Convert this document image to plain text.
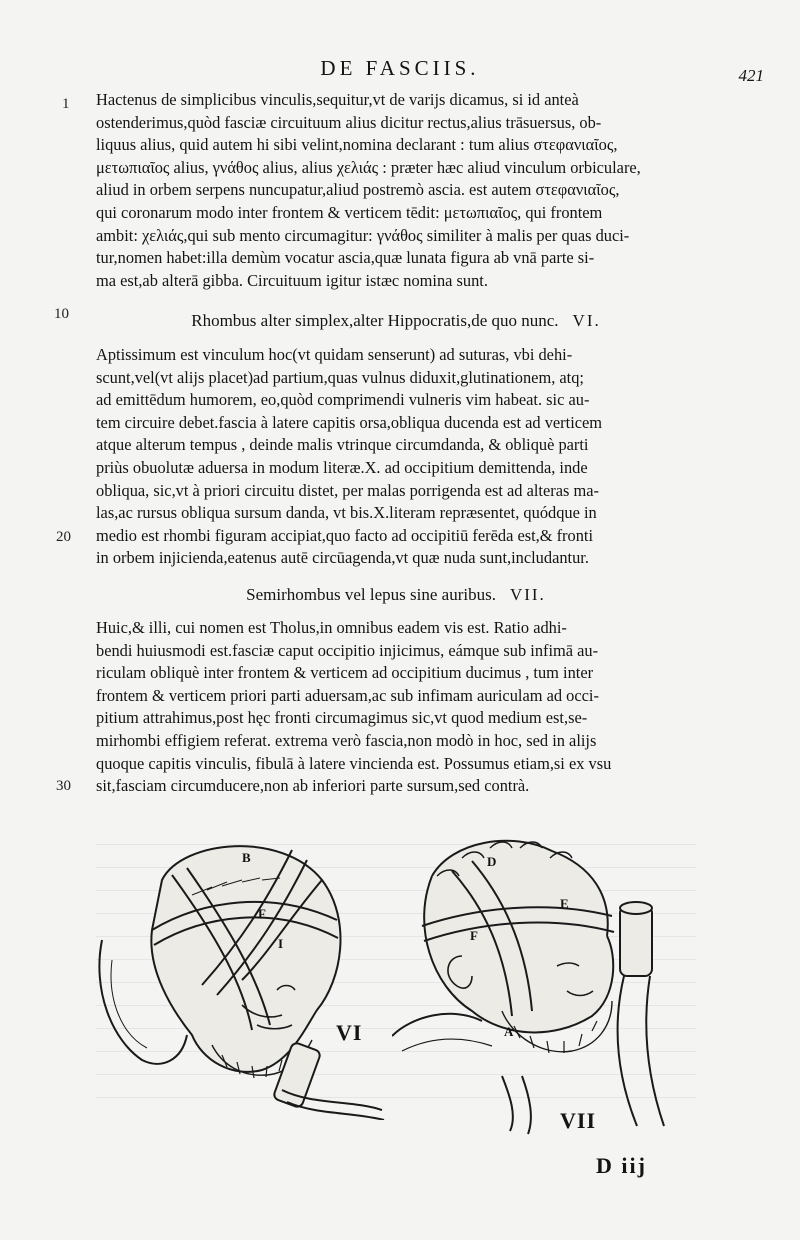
DE FASCIIS.	421
1
10
20
30

Hactenus de simplicibus vinculis,sequitur,vt de varijs dicamus, si id anteà
ostenderimus,quòd fasciæ circuituum alius dicitur rectus,alius trāsuersus, ob-
liquus alius, quid autem hi sibi velint,nomina declarant : tum alius στεφανιαῖος,
μετωπιαῖος alius, γνάθος alius, alius χελιάς : præter hæc aliud vinculum orbiculare,
aliud in orbem serpens nuncupatur,aliud postremò ascia. est autem στεφανιαῖος,
qui coronarum modo inter frontem & verticem tēdit: μετωπιαῖος, qui frontem
ambit: χελιάς,qui sub mento circumagitur: γνάθος similiter à malis per quas duci-
tur,nomen habet:illa demùm vocatur ascia,quæ lunata figura ab vnā parte si-
ma est,ab alterā gibba. Circuituum igitur istæc nomina sunt.

Rhombus alter simplex,alter Hippocratis,de quo nunc. VI.

Aptissimum est vinculum hoc(vt quidam senserunt) ad suturas, vbi dehi-
scunt,vel(vt alijs placet)ad partium,quas vulnus diduxit,glutinationem, atq;
ad emittēdum humorem, eo,quòd comprimendi vulneris vim habeat. sic au-
tem circuire debet.fascia à latere capitis orsa,obliqua ducenda est ad verticem
atque alterum tempus , deinde malis vtrinque circumdanda, & obliquè parti
priùs obuolutæ aduersa in modum literæ.X. ad occipitium demittenda, inde
obliqua, sic,vt à priori circuitu distet, per malas porrigenda est ad alteras ma-
las,ac rursus obliqua sursum danda, vt bis.X.literam repræsentet, quódque in
medio est rhombi figuram accipiat,quo facto ad occipitiū ferēda est,& fronti
in orbem injicienda,eatenus autē circūagenda,vt quæ nuda sunt,includantur.

Semirhombus vel lepus sine auribus. VII.

Huic,& illi, cui nomen est Tholus,in omnibus eadem vis est. Ratio adhi-
bendi huiusmodi est.fasciæ caput occipitio injicimus, eámque sub infimā au-
riculam obliquè inter frontem & verticem ad occipitium ducimus , tum inter
frontem & verticem priori parti aduersam,ac sub infimam auriculam ad occi-
pitium attrahimus,post hęc fronti circumagimus sic,vt quod medium est,se-
mirhombi effigiem referat. extrema verò fascia,non modò in hoc, sed in alijs
quoque capitis vinculis, fibulā à latere vincienda est. Possumus etiam,si ex vsu
sit,fasciam circumducere,non ab inferiori parte sursum,sed contrà.

B
F
I
VI
D
E
F
A
VII
D iij
